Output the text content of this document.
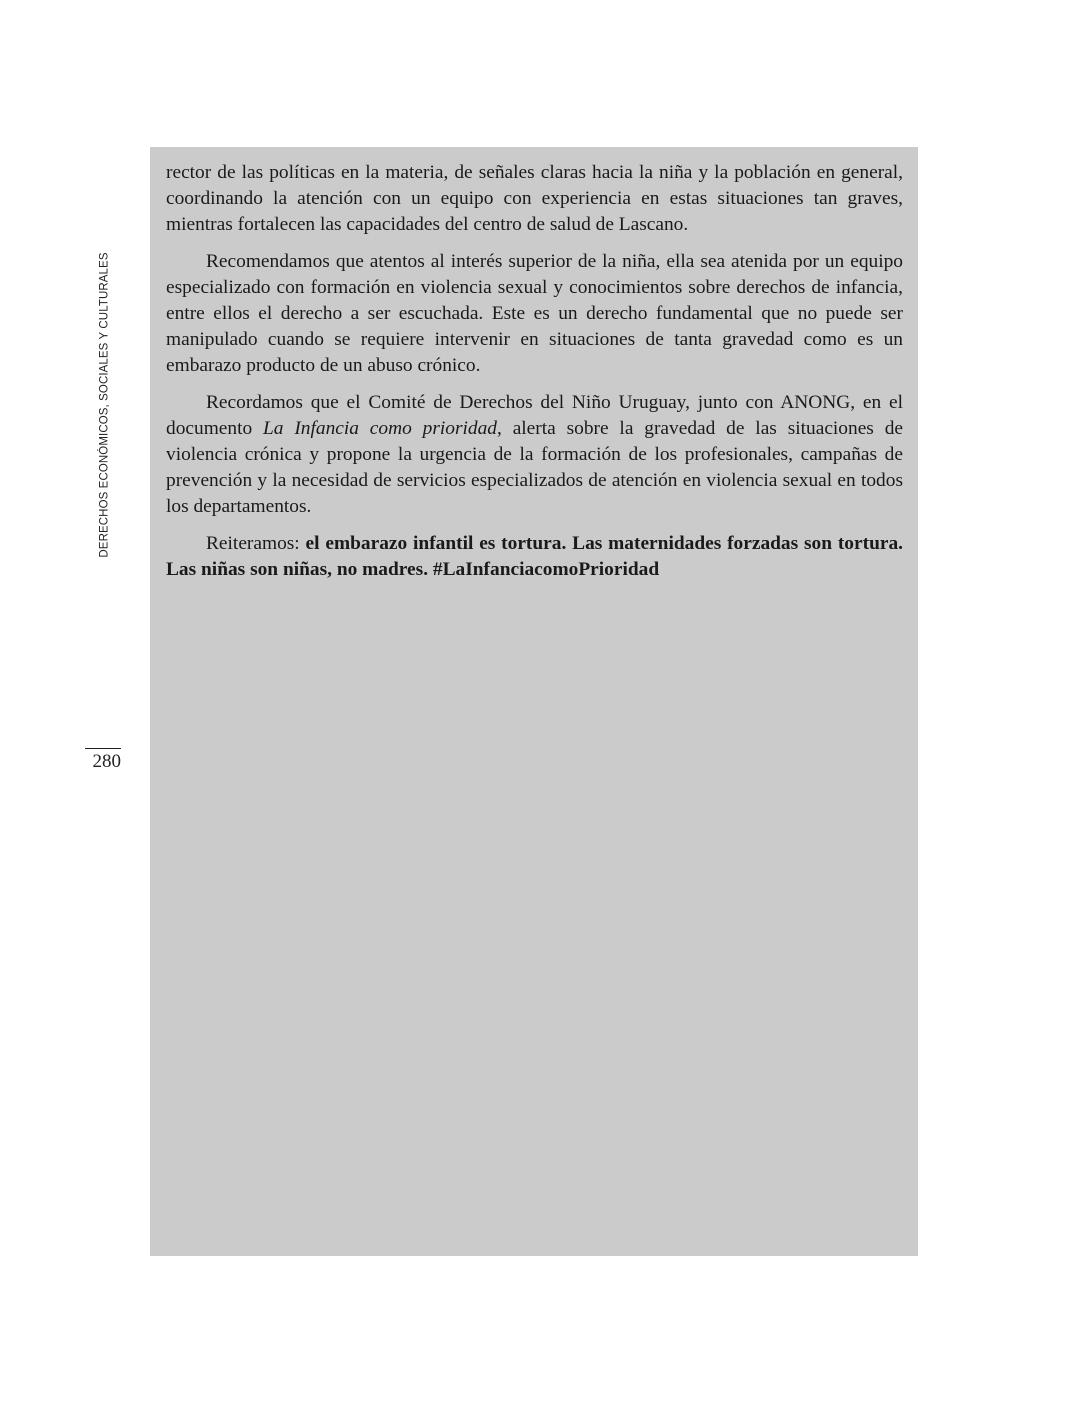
DERECHOS ECONÓMICOS, SOCIALES Y CULTURALES
280

rector de las políticas en la materia, de señales claras hacia la niña y la población en general, coordinando la atención con un equipo con experiencia en estas situaciones tan graves, mientras fortalecen las capacidades del centro de salud de Lascano.

Recomendamos que atentos al interés superior de la niña, ella sea atenida por un equipo especializado con formación en violencia sexual y conocimientos sobre derechos de infancia, entre ellos el derecho a ser escuchada. Este es un derecho fundamental que no puede ser manipulado cuando se requiere intervenir en situaciones de tanta gravedad como es un embarazo producto de un abuso crónico.

Recordamos que el Comité de Derechos del Niño Uruguay, junto con ANONG, en el documento La Infancia como prioridad, alerta sobre la gravedad de las situaciones de violencia crónica y propone la urgencia de la formación de los profesionales, campañas de prevención y la necesidad de servicios especializados de atención en violencia sexual en todos los departamentos.

Reiteramos: el embarazo infantil es tortura. Las maternidades forzadas son tortura. Las niñas son niñas, no madres. #LaInfanciacomoPrioridad
